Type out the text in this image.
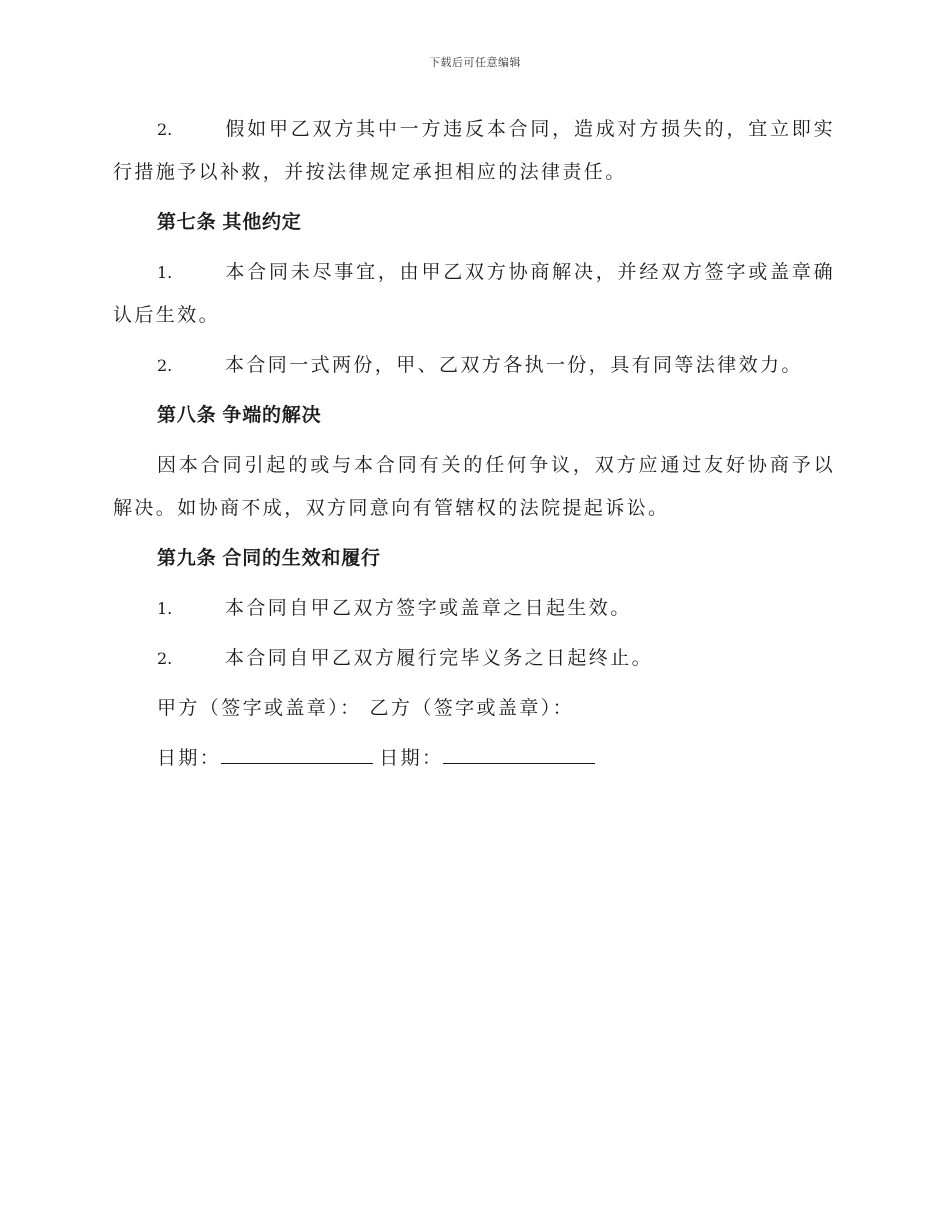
下载后可任意编辑

2.	假如甲乙双方其中一方违反本合同，造成对方损失的，宜立即实行措施予以补救，并按法律规定承担相应的法律责任。

第七条 其他约定

1.	本合同未尽事宜，由甲乙双方协商解决，并经双方签字或盖章确认后生效。

2.	本合同一式两份，甲、乙双方各执一份，具有同等法律效力。

第八条 争端的解决

因本合同引起的或与本合同有关的任何争议，双方应通过友好协商予以解决。如协商不成，双方同意向有管辖权的法院提起诉讼。

第九条 合同的生效和履行

1.	本合同自甲乙双方签字或盖章之日起生效。

2.	本合同自甲乙双方履行完毕义务之日起终止。

甲方（签字或盖章）： 乙方（签字或盖章）：
日期：	日期：
